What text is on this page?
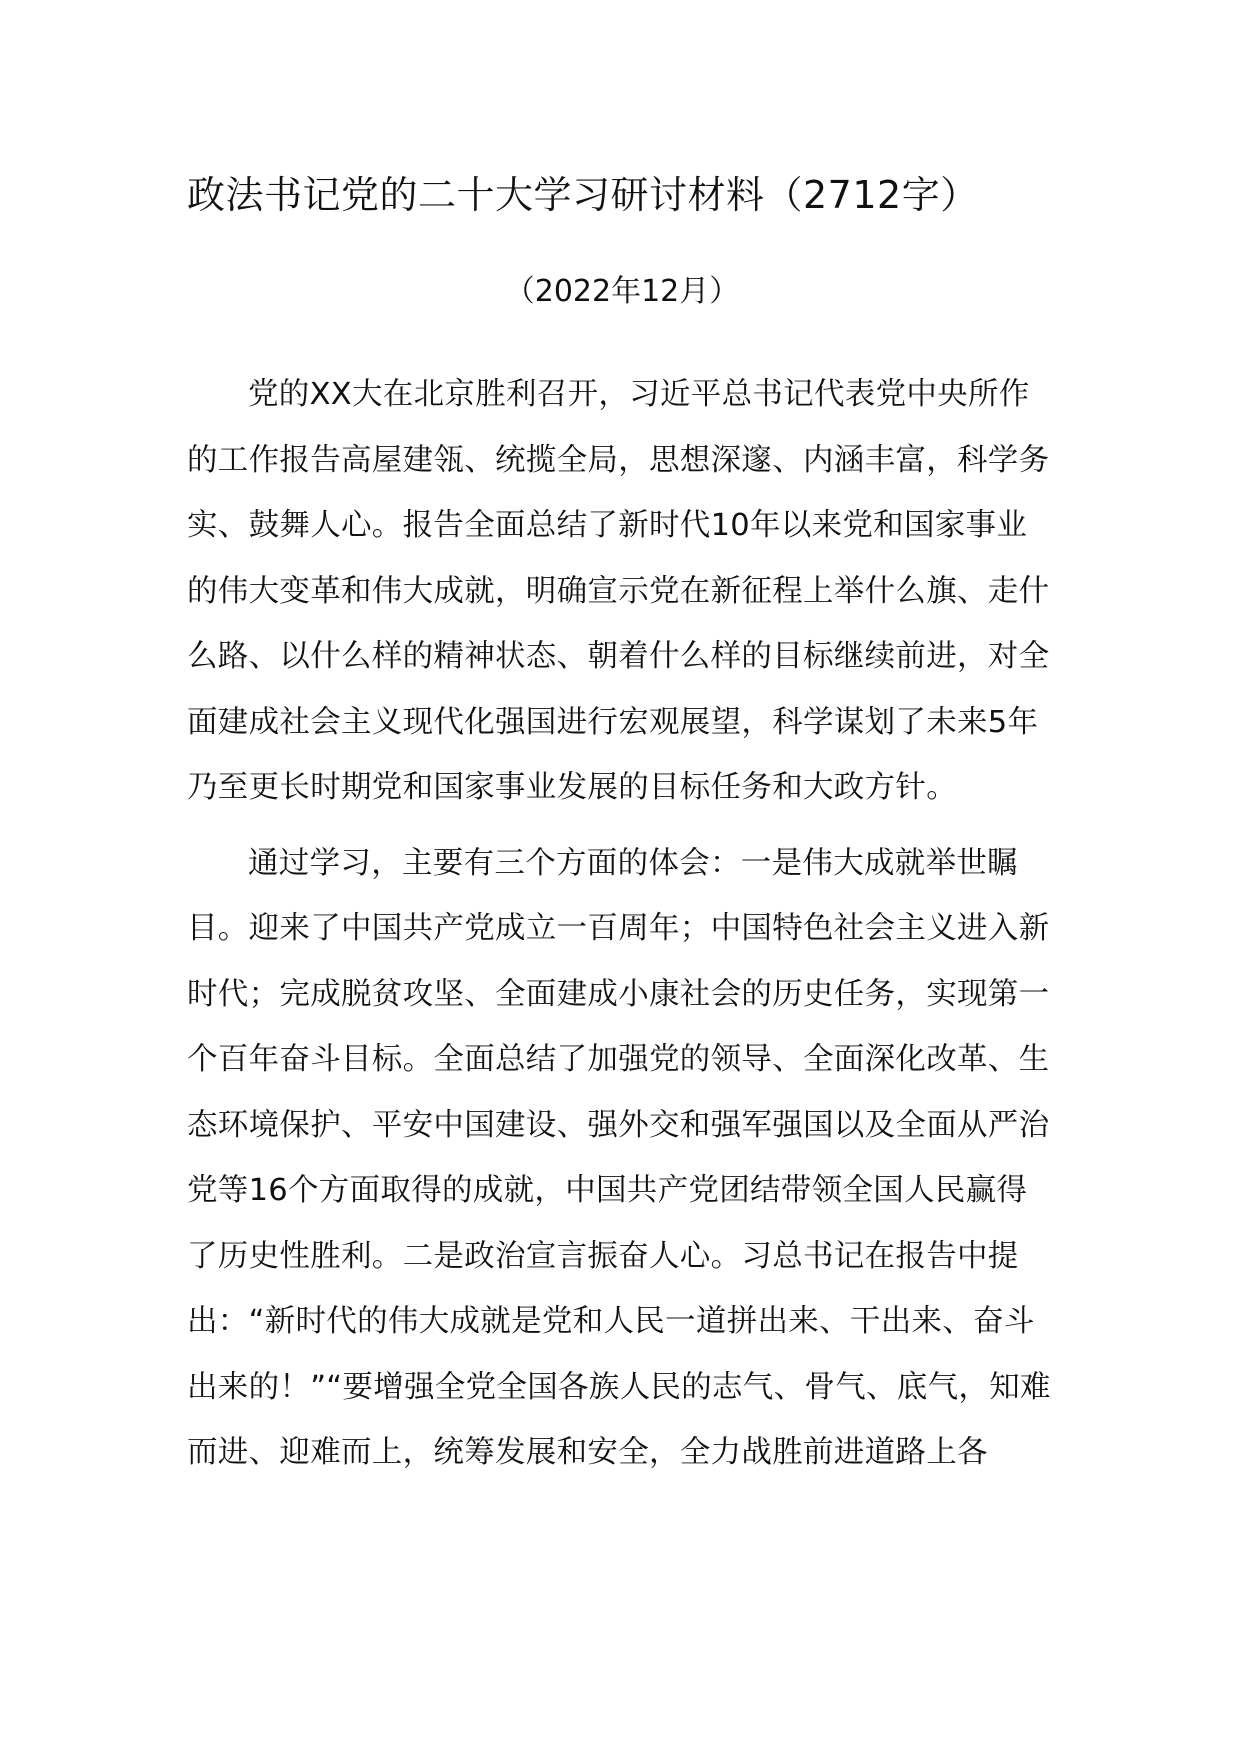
政法书记党的二十大学习研讨材料（2712字）
（2022年12月）

党的XX大在北京胜利召开，习近平总书记代表党中央所作的工作报告高屋建瓴、统揽全局，思想深邃、内涵丰富，科学务实、鼓舞人心。报告全面总结了新时代10年以来党和国家事业的伟大变革和伟大成就，明确宣示党在新征程上举什么旗、走什么路、以什么样的精神状态、朝着什么样的目标继续前进，对全面建成社会主义现代化强国进行宏观展望，科学谋划了未来5年乃至更长时期党和国家事业发展的目标任务和大政方针。

通过学习，主要有三个方面的体会：一是伟大成就举世瞩目。迎来了中国共产党成立一百周年；中国特色社会主义进入新时代；完成脱贫攻坚、全面建成小康社会的历史任务，实现第一个百年奋斗目标。全面总结了加强党的领导、全面深化改革、生态环境保护、平安中国建设、强外交和强军强国以及全面从严治党等16个方面取得的成就，中国共产党团结带领全国人民赢得了历史性胜利。二是政治宣言振奋人心。习总书记在报告中提出：“新时代的伟大成就是党和人民一道拼出来、干出来、奋斗出来的！”“要增强全党全国各族人民的志气、骨气、底气，知难而进、迎难而上，统筹发展和安全，全力战胜前进道路上各
